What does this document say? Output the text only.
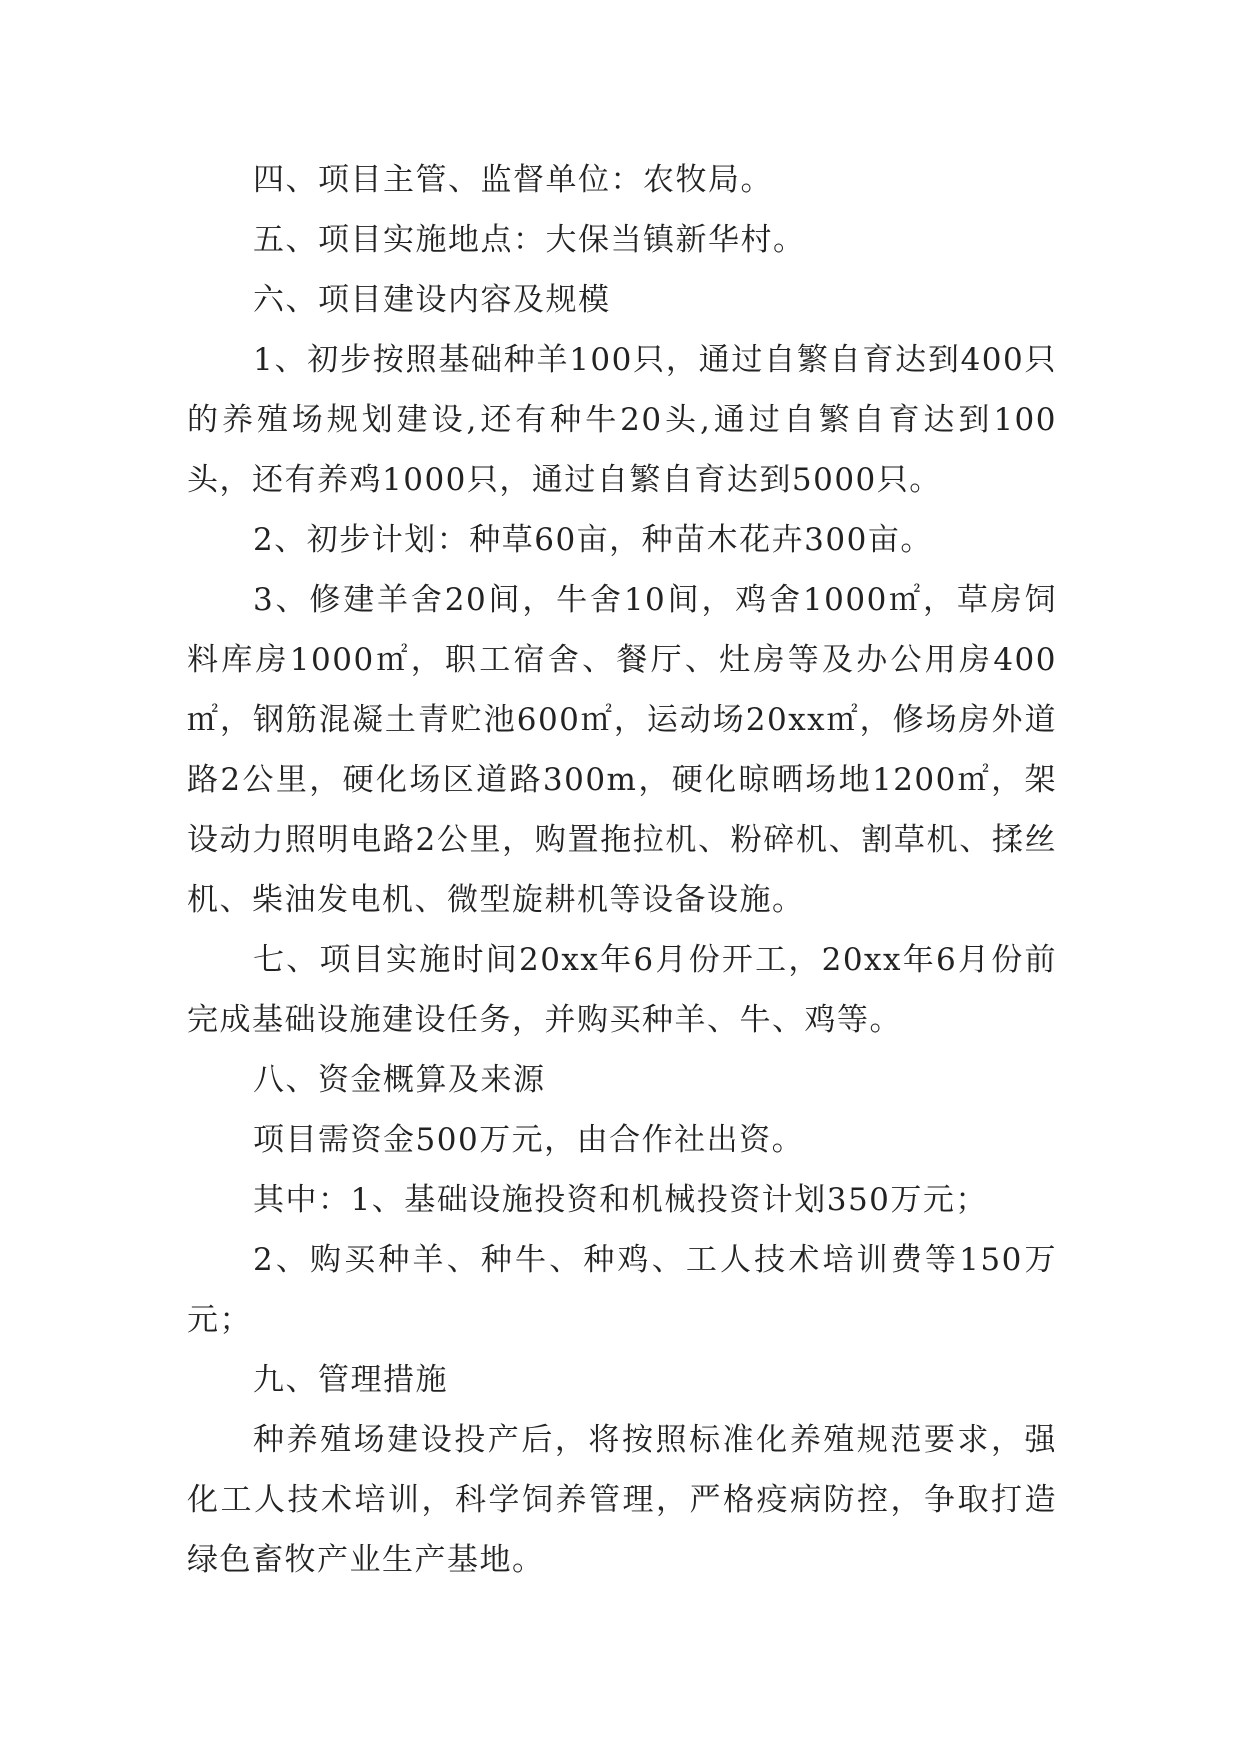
四、项目主管、监督单位：农牧局。

五、项目实施地点：大保当镇新华村。

六、项目建设内容及规模

1、初步按照基础种羊100只，通过自繁自育达到400只的养殖场规划建设,还有种牛20头,通过自繁自育达到100头，还有养鸡1000只，通过自繁自育达到5000只。

2、初步计划：种草60亩，种苗木花卉300亩。

3、修建羊舍20间，牛舍10间，鸡舍1000㎡，草房饲料库房1000㎡，职工宿舍、餐厅、灶房等及办公用房400㎡，钢筋混凝土青贮池600㎡，运动场20xx㎡，修场房外道路2公里，硬化场区道路300m，硬化晾晒场地1200㎡，架设动力照明电路2公里，购置拖拉机、粉碎机、割草机、揉丝机、柴油发电机、微型旋耕机等设备设施。

七、项目实施时间20xx年6月份开工，20xx年6月份前完成基础设施建设任务，并购买种羊、牛、鸡等。

八、资金概算及来源

项目需资金500万元，由合作社出资。

其中：1、基础设施投资和机械投资计划350万元；

2、购买种羊、种牛、种鸡、工人技术培训费等150万元；

九、管理措施

种养殖场建设投产后，将按照标准化养殖规范要求，强化工人技术培训，科学饲养管理，严格疫病防控，争取打造绿色畜牧产业生产基地。
